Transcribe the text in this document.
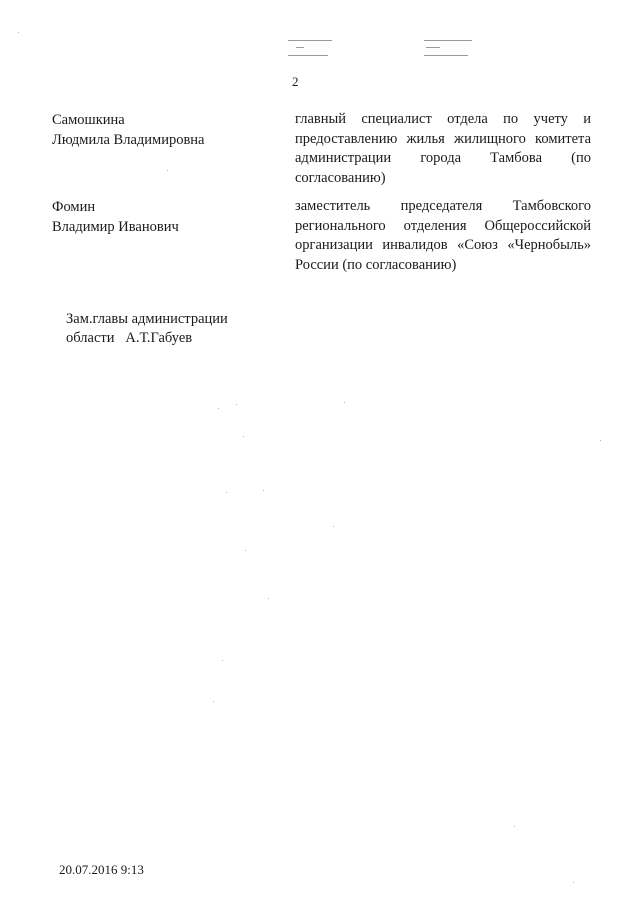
2
Самошкина
Людмила Владимировна
главный специалист отдела по учету и предоставлению жилья жилищного комитета администрации города Тамбова (по согласованию)
Фомин
Владимир Иванович
заместитель председателя Тамбовского регионального отделения Общероссийской организации инвалидов «Союз «Чернобыль» России (по согласованию)
Зам.главы администрации
области   А.Т.Габуев
20.07.2016 9:13
